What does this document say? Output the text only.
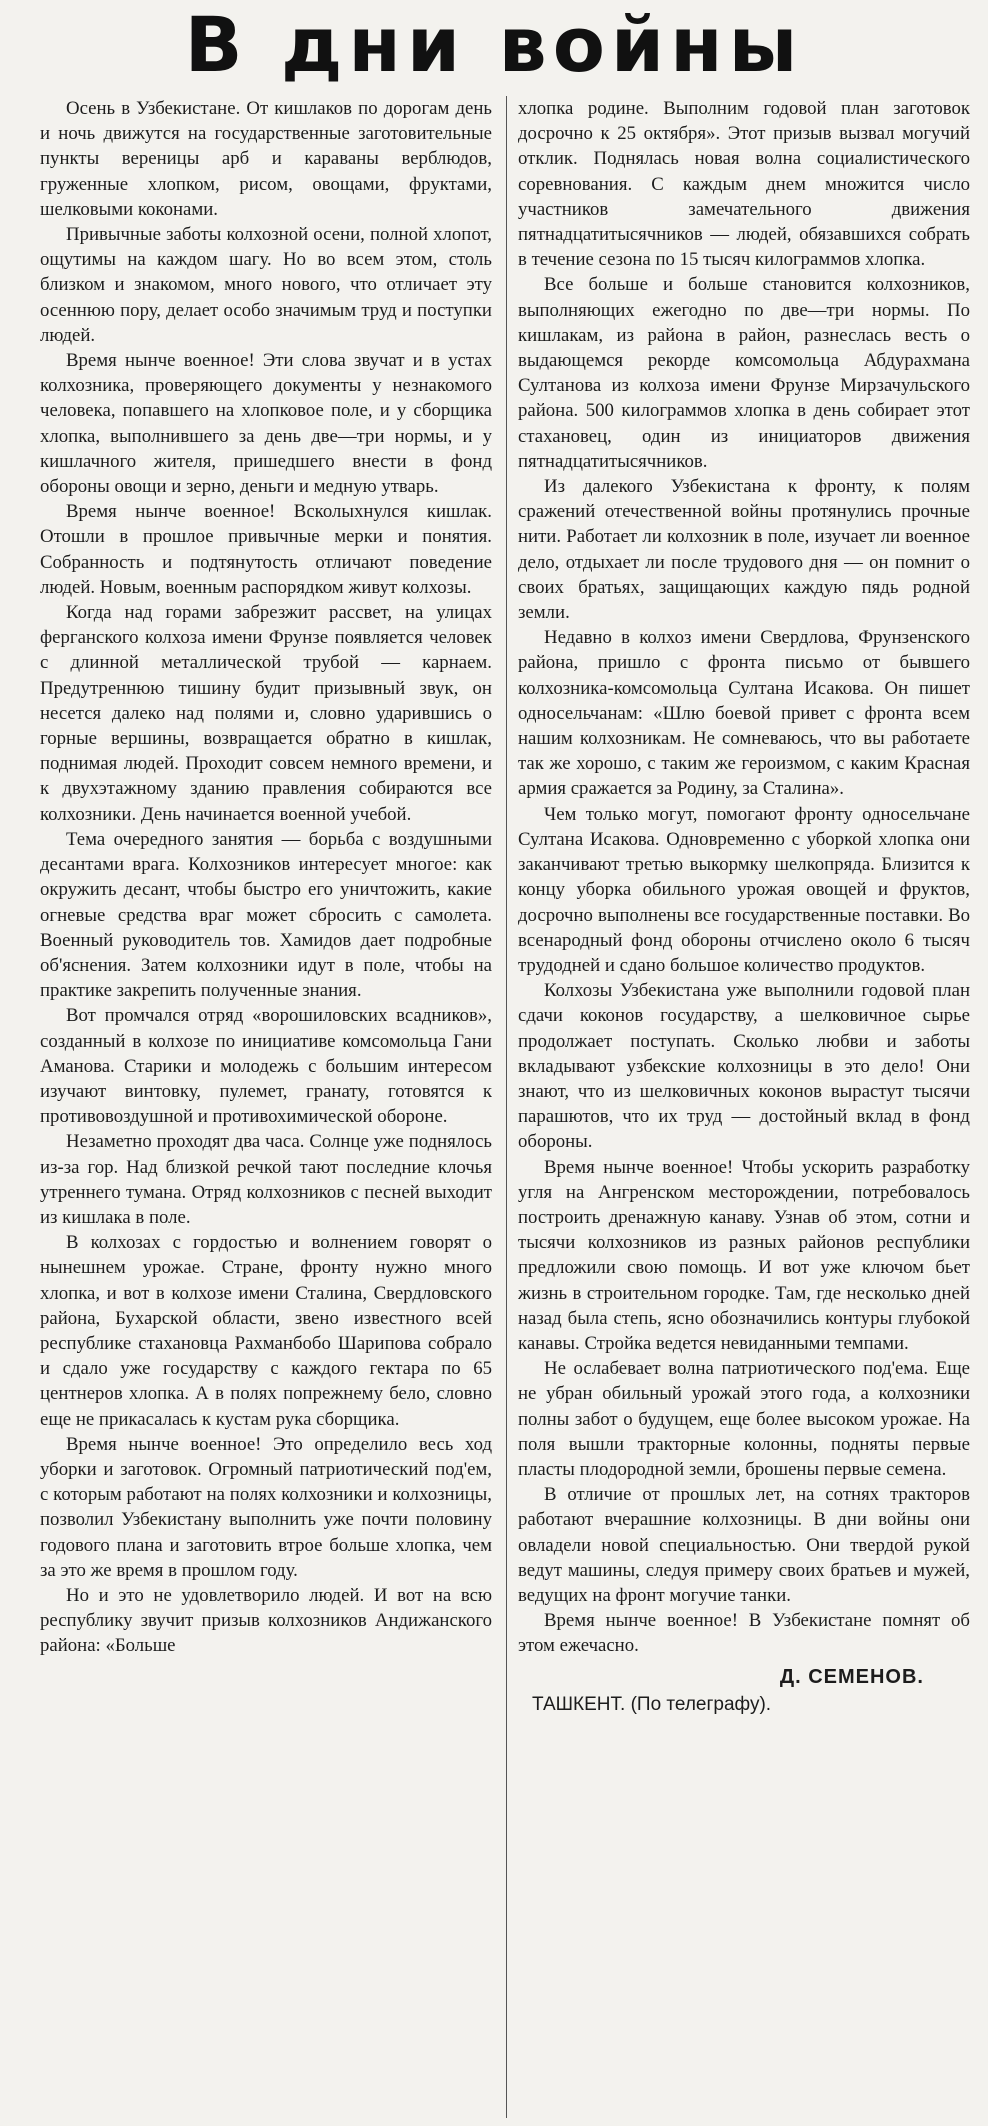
В дни войны

Осень в Узбекистане. От кишлаков по дорогам день и ночь движутся на государственные заготовительные пункты вереницы арб и караваны верблюдов, груженные хлопком, рисом, овощами, фруктами, шелковыми коконами.

Привычные заботы колхозной осени, полной хлопот, ощутимы на каждом шагу. Но во всем этом, столь близком и знакомом, много нового, что отличает эту осеннюю пору, делает особо значимым труд и поступки людей.

Время нынче военное! Эти слова звучат и в устах колхозника, проверяющего документы у незнакомого человека, попавшего на хлопковое поле, и у сборщика хлопка, выполнившего за день две—три нормы, и у кишлачного жителя, пришедшего внести в фонд обороны овощи и зерно, деньги и медную утварь.

Время нынче военное! Всколыхнулся кишлак. Отошли в прошлое привычные мерки и понятия. Собранность и подтянутость отличают поведение людей. Новым, военным распорядком живут колхозы.

Когда над горами забрезжит рассвет, на улицах ферганского колхоза имени Фрунзе появляется человек с длинной металлической трубой — карнаем. Предутреннюю тишину будит призывный звук, он несется далеко над полями и, словно ударившись о горные вершины, возвращается обратно в кишлак, поднимая людей. Проходит совсем немного времени, и к двухэтажному зданию правления собираются все колхозники. День начинается военной учебой.

Тема очередного занятия — борьба с воздушными десантами врага. Колхозников интересует многое: как окружить десант, чтобы быстро его уничтожить, какие огневые средства враг может сбросить с самолета. Военный руководитель тов. Хамидов дает подробные об'яснения. Затем колхозники идут в поле, чтобы на практике закрепить полученные знания.

Вот промчался отряд «ворошиловских всадников», созданный в колхозе по инициативе комсомольца Гани Аманова. Старики и молодежь с большим интересом изучают винтовку, пулемет, гранату, готовятся к противовоздушной и противохимической обороне.

Незаметно проходят два часа. Солнце уже поднялось из-за гор. Над близкой речкой тают последние клочья утреннего тумана. Отряд колхозников с песней выходит из кишлака в поле.

В колхозах с гордостью и волнением говорят о нынешнем урожае. Стране, фронту нужно много хлопка, и вот в колхозе имени Сталина, Свердловского района, Бухарской области, звено известного всей республике стахановца Рахманбобо Шарипова собрало и сдало уже государству с каждого гектара по 65 центнеров хлопка. А в полях попрежнему бело, словно еще не прикасалась к кустам рука сборщика.

Время нынче военное! Это определило весь ход уборки и заготовок. Огромный патриотический под'ем, с которым работают на полях колхозники и колхозницы, позволил Узбекистану выполнить уже почти половину годового плана и заготовить втрое больше хлопка, чем за это же время в прошлом году.

Но и это не удовлетворило людей. И вот на всю республику звучит призыв колхозников Андижанского района: «Больше

хлопка родине. Выполним годовой план заготовок досрочно к 25 октября». Этот призыв вызвал могучий отклик. Поднялась новая волна социалистического соревнования. С каждым днем множится число участников замечательного движения пятнадцатитысячников — людей, обязавшихся собрать в течение сезона по 15 тысяч килограммов хлопка.

Все больше и больше становится колхозников, выполняющих ежегодно по две—три нормы. По кишлакам, из района в район, разнеслась весть о выдающемся рекорде комсомольца Абдурахмана Султанова из колхоза имени Фрунзе Мирзачульского района. 500 килограммов хлопка в день собирает этот стахановец, один из инициаторов движения пятнадцатитысячников.

Из далекого Узбекистана к фронту, к полям сражений отечественной войны протянулись прочные нити. Работает ли колхозник в поле, изучает ли военное дело, отдыхает ли после трудового дня — он помнит о своих братьях, защищающих каждую пядь родной земли.

Недавно в колхоз имени Свердлова, Фрунзенского района, пришло с фронта письмо от бывшего колхозника-комсомольца Султана Исакова. Он пишет односельчанам: «Шлю боевой привет с фронта всем нашим колхозникам. Не сомневаюсь, что вы работаете так же хорошо, с таким же героизмом, с каким Красная армия сражается за Родину, за Сталина».

Чем только могут, помогают фронту односельчане Султана Исакова. Одновременно с уборкой хлопка они заканчивают третью выкормку шелкопряда. Близится к концу уборка обильного урожая овощей и фруктов, досрочно выполнены все государственные поставки. Во всенародный фонд обороны отчислено около 6 тысяч трудодней и сдано большое количество продуктов.

Колхозы Узбекистана уже выполнили годовой план сдачи коконов государству, а шелковичное сырье продолжает поступать. Сколько любви и заботы вкладывают узбекские колхозницы в это дело! Они знают, что из шелковичных коконов вырастут тысячи парашютов, что их труд — достойный вклад в фонд обороны.

Время нынче военное! Чтобы ускорить разработку угля на Ангренском месторождении, потребовалось построить дренажную канаву. Узнав об этом, сотни и тысячи колхозников из разных районов республики предложили свою помощь. И вот уже ключом бьет жизнь в строительном городке. Там, где несколько дней назад была степь, ясно обозначились контуры глубокой канавы. Стройка ведется невиданными темпами.

Не ослабевает волна патриотического под'ема. Еще не убран обильный урожай этого года, а колхозники полны забот о будущем, еще более высоком урожае. На поля вышли тракторные колонны, подняты первые пласты плодородной земли, брошены первые семена.

В отличие от прошлых лет, на сотнях тракторов работают вчерашние колхозницы. В дни войны они овладели новой специальностью. Они твердой рукой ведут машины, следуя примеру своих братьев и мужей, ведущих на фронт могучие танки.

Время нынче военное! В Узбекистане помнят об этом ежечасно.

Д. СЕМЕНОВ.
ТАШКЕНТ. (По телеграфу).
